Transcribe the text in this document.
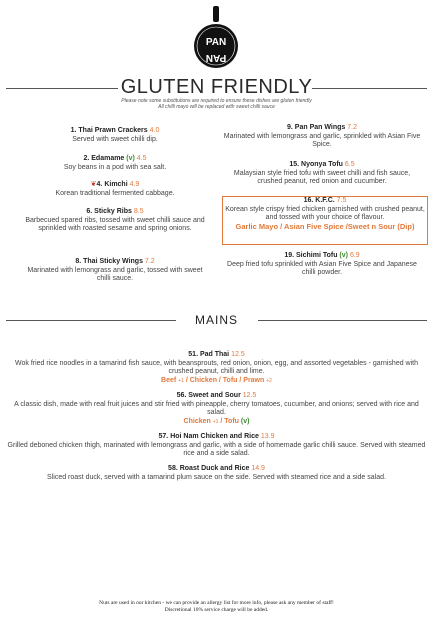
PAN
PAN
GLUTEN FRIENDLY
Please note some substitutions are required to ensure these dishes are gluten friendly
All chilli mayo will be replaced with sweet chilli sauce
1. Thai Prawn Crackers 4.0
Served with sweet chilli dip.
2. Edamame (v) 4.5
Soy beans in a pod with sea salt.
❦4. Kimchi 4.9
Korean traditional fermented cabbage.
6. Sticky Ribs 8.5
Barbecued spared ribs, tossed with sweet chilli sauce and sprinkled with roasted sesame and spring onions.
8. Thai Sticky Wings 7.2
Marinated with lemongrass and garlic, tossed with sweet chilli sauce.
9. Pan Pan Wings 7.2
Marinated with lemongrass and garlic, sprinkled with Asian Five Spice.
15. Nyonya Tofu 6.5
Malaysian style fried tofu with sweet chilli and fish sauce, crushed peanut, red onion and cucumber.
16. K.F.C. 7.5
Korean style crispy fried chicken garnished with crushed peanut, and tossed with your choice of flavour.
Garlic Mayo / Asian Five Spice /Sweet n Sour (Dip)
19. Sichimi Tofu (v) 6.9
Deep fried tofu sprinkled with Asian Five Spice and Japanese chilli powder.
MAINS
51. Pad Thai 12.5
Wok fried rice noodles in a tamarind fish sauce, with beansprouts, red onion, onion, egg, and assorted vegetables - garnished with crushed peanut, chilli and lime.
Beef +1 / Chicken / Tofu / Prawn +2
56. Sweet and Sour 12.5
A classic dish, made with real fruit juices and stir fried with pineapple, cherry tomatoes, cucumber, and onions; served with rice and salad.
Chicken +1 / Tofu (v)
57. Hoi Nam Chicken and Rice 13.9
Grilled deboned chicken thigh, marinated with lemongrass and garlic, with a side of homemade garlic chilli sauce. Served with steamed rice and a side salad.
58. Roast Duck and Rice 14.9
Sliced roast duck, served with a tamarind plum sauce on the side. Served with steamed rice and a side salad.
Nuts are used in our kitchen - we can provide an allergy list for more info, please ask any member of staff!
Discretional 10% service charge will be added.
